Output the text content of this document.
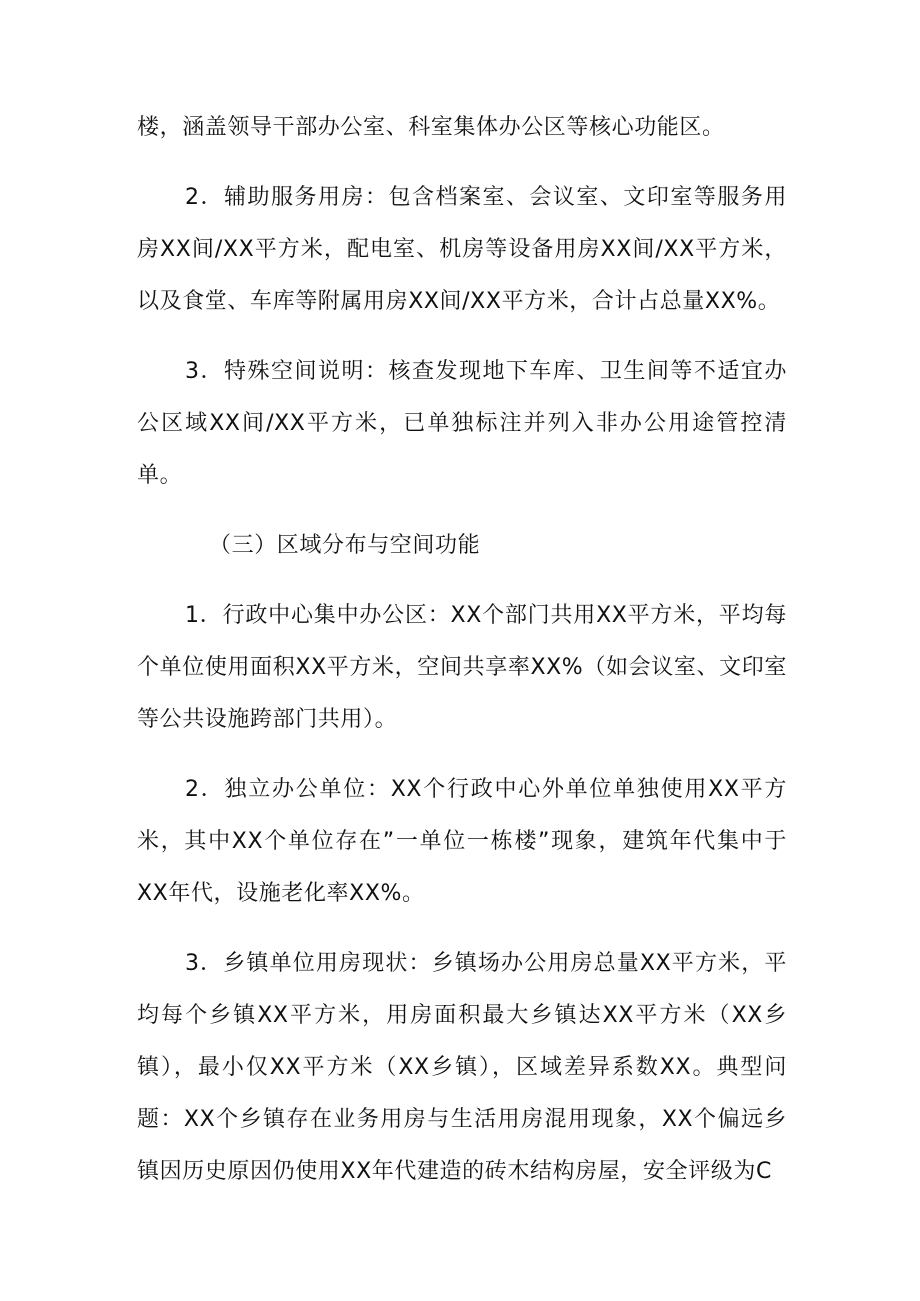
楼，涵盖领导干部办公室、科室集体办公区等核心功能区。

2．辅助服务用房：包含档案室、会议室、文印室等服务用房XX间/XX平方米，配电室、机房等设备用房XX间/XX平方米，以及食堂、车库等附属用房XX间/XX平方米，合计占总量XX%。

3．特殊空间说明：核查发现地下车库、卫生间等不适宜办公区域XX间/XX平方米，已单独标注并列入非办公用途管控清单。

（三）区域分布与空间功能

1．行政中心集中办公区：XX个部门共用XX平方米，平均每个单位使用面积XX平方米，空间共享率XX%（如会议室、文印室等公共设施跨部门共用）。

2．独立办公单位：XX个行政中心外单位单独使用XX平方米，其中XX个单位存在”一单位一栋楼”现象，建筑年代集中于XX年代，设施老化率XX%。

3．乡镇单位用房现状：乡镇场办公用房总量XX平方米，平均每个乡镇XX平方米，用房面积最大乡镇达XX平方米（XX乡镇），最小仅XX平方米（XX乡镇），区域差异系数XX。典型问题：XX个乡镇存在业务用房与生活用房混用现象，XX个偏远乡镇因历史原因仍使用XX年代建造的砖木结构房屋，安全评级为C
